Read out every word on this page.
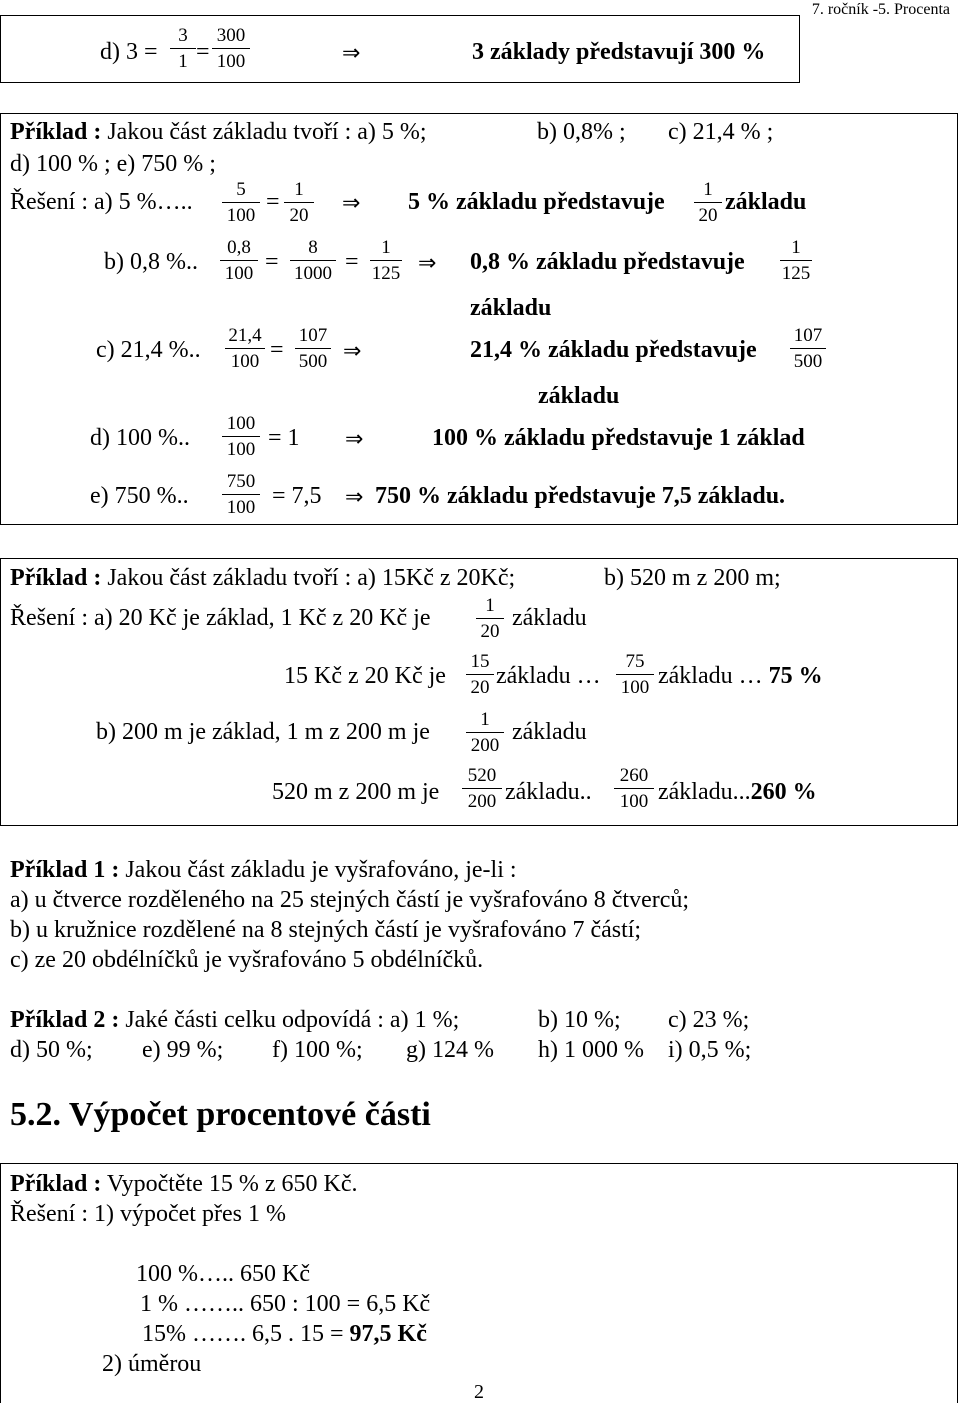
7. ročník -5. Procenta
d) 3 =
3
1 =
300
100	⇒	3 základy představují 300 %
Příklad : Jakou část základu tvoří : a) 5 %;	b) 0,8% ; c) 21,4 % ;
d) 100 % ; e) 750 % ;
Řešení : a) 5 %…..	5
100
= 1
20
⇒ 5 % základu představuje	1
20
základu
b) 0,8 %..
0,8
100 =
8
1000 =
1
125 ⇒ 0,8 % základu představuje
1
125
základu
c) 21,4 %..
21,4
100 =
107
500 ⇒	21,4 % základu představuje
107
500
základu
d) 100 %..
100
100 = 1 ⇒	100 % základu představuje 1 základ
e) 750 %..
750
100 = 7,5 ⇒ 750 % základu představuje 7,5 základu.
Příklad : Jakou část základu tvoří : a) 15Kč z 20Kč;	b) 520 m z 200 m;
Řešení : a) 20 Kč je základ, 1 Kč z 20 Kč je	1
20
základu
15 Kč z 20 Kč je
15
20 základu …
75
100 základu … 75 %
b) 200 m je základ, 1 m z 200 m je	1
200
základu
520 m z 200 m je
520
200 základu..
260
100 základu...260 %
Příklad 1 : Jakou část základu je vyšrafováno, je-li :
a) u čtverce rozděleného na 25 stejných částí je vyšrafováno 8 čtverců;
b) u kružnice rozdělené na 8 stejných částí je vyšrafováno 7 částí;
c) ze 20 obdélníčků je vyšrafováno 5 obdélníčků.
Příklad 2 : Jaké části celku odpovídá : a) 1 %;	b) 10 %; c) 23 %;
d) 50 %; e) 99 %; f) 100 %; g) 124 % h) 1 000 % i) 0,5 %;
5.2. Výpočet procentové části
Příklad : Vypočtěte 15 % z 650 Kč.
Řešení : 1) výpočet přes 1 %
100 %….. 650 Kč
1 % …….. 650 : 100 = 6,5 Kč
15% ……. 6,5 . 15 = 97,5 Kč
2) úměrou
2
